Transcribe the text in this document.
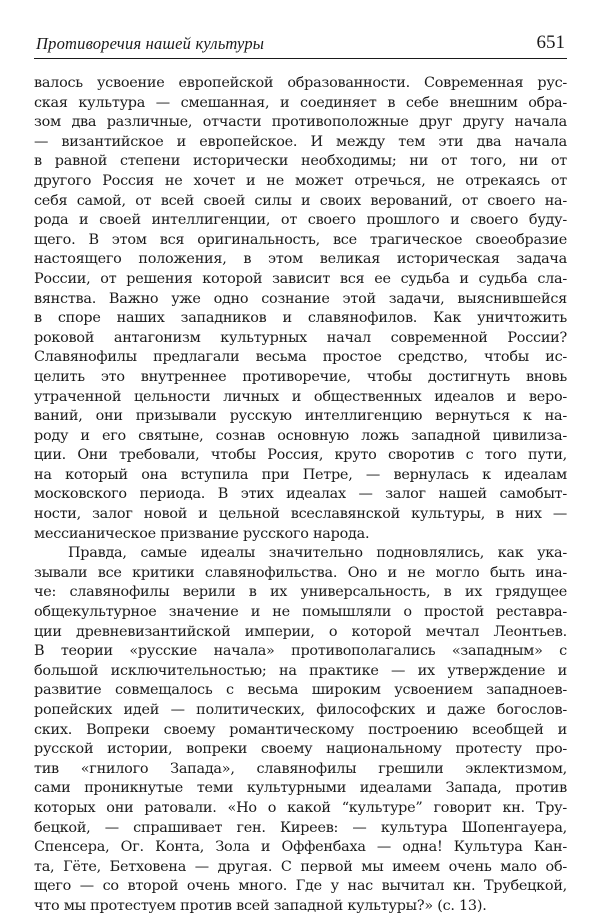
Противоречия нашей культуры	651
валось усвоение европейской образованности. Современная рус-
ская культура — смешанная, и соединяет в себе внешним обра-
зом два различные, отчасти противоположные друг другу начала
— византийское и европейское. И между тем эти два начала
в равной степени исторически необходимы; ни от того, ни от
другого Россия не хочет и не может отречься, не отрекаясь от
себя самой, от всей своей силы и своих верований, от своего на-
рода и своей интеллигенции, от своего прошлого и своего буду-
щего. В этом вся оригинальность, все трагическое своеобразие
настоящего положения, в этом великая историческая задача
России, от решения которой зависит вся ее судьба и судьба сла-
вянства. Важно уже одно сознание этой задачи, выяснившейся
в споре наших западников и славянофилов. Как уничтожить
роковой антагонизм культурных начал современной России?
Славянофилы предлагали весьма простое средство, чтобы ис-
целить это внутреннее противоречие, чтобы достигнуть вновь
утраченной цельности личных и общественных идеалов и веро-
ваний, они призывали русскую интеллигенцию вернуться к на-
роду и его святыне, сознав основную ложь западной цивилиза-
ции. Они требовали, чтобы Россия, круто своротив с того пути,
на который она вступила при Петре, — вернулась к идеалам
московского периода. В этих идеалах — залог нашей самобыт-
ности, залог новой и цельной всеславянской культуры, в них —
мессианическое призвание русского народа.
Правда, самые идеалы значительно подновлялись, как ука-
зывали все критики славянофильства. Оно и не могло быть ина-
че: славянофилы верили в их универсальность, в их грядущее
общекультурное значение и не помышляли о простой реставра-
ции древневизантийской империи, о которой мечтал Леонтьев.
В теории «русские начала» противополагались «западным» с
большой исключительностью; на практике — их утверждение и
развитие совмещалось с весьма широким усвоением западноев-
ропейских идей — политических, философских и даже богослов-
ских. Вопреки своему романтическому построению всеобщей и
русской истории, вопреки своему национальному протесту про-
тив «гнилого Запада», славянофилы грешили эклектизмом,
сами проникнутые теми культурными идеалами Запада, против
которых они ратовали. «Но о какой “культуре” говорит кн. Тру-
бецкой, — спрашивает ген. Киреев: — культура Шопенгауера,
Спенсера, Ог. Конта, Зола и Оффенбаха — одна! Культура Кан-
та, Гёте, Бетховена — другая. С первой мы имеем очень мало об-
щего — со второй очень много. Где у нас вычитал кн. Трубецкой,
что мы протестуем против всей западной культуры?» (с. 13).
